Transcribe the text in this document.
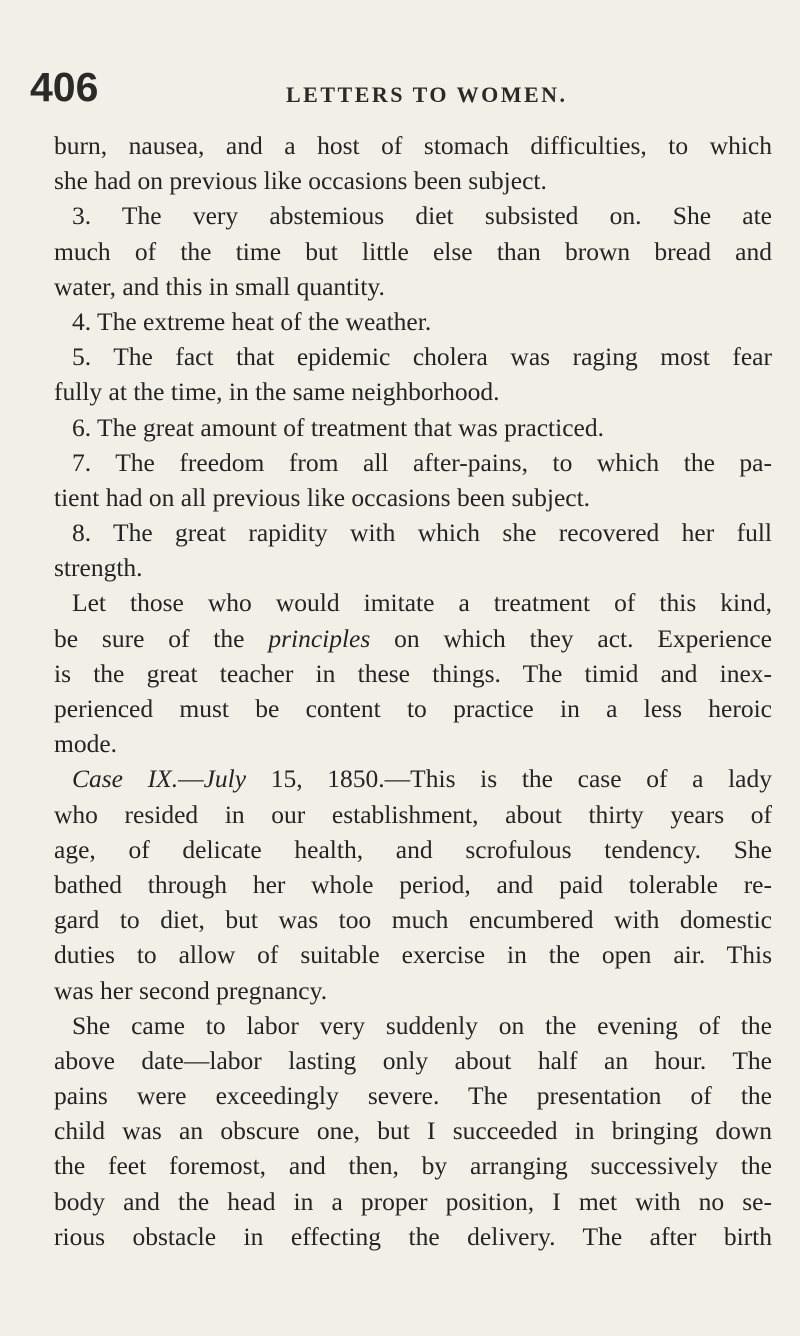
406	LETTERS TO WOMEN.
burn, nausea, and a host of stomach difficulties, to which
she had on previous like occasions been subject.
3. The very abstemious diet subsisted on. She ate
much of the time but little else than brown bread and
water, and this in small quantity.
4. The extreme heat of the weather.
5. The fact that epidemic cholera was raging most fear
fully at the time, in the same neighborhood.
6. The great amount of treatment that was practiced.
7. The freedom from all after-pains, to which the pa-
tient had on all previous like occasions been subject.
8. The great rapidity with which she recovered her full
strength.
Let those who would imitate a treatment of this kind,
be sure of the principles on which they act. Experience
is the great teacher in these things. The timid and inex-
perienced must be content to practice in a less heroic
mode.
Case IX.—July 15, 1850.—This is the case of a lady
who resided in our establishment, about thirty years of
age, of delicate health, and scrofulous tendency. She
bathed through her whole period, and paid tolerable re-
gard to diet, but was too much encumbered with domestic
duties to allow of suitable exercise in the open air. This
was her second pregnancy.
She came to labor very suddenly on the evening of the
above date—labor lasting only about half an hour. The
pains were exceedingly severe. The presentation of the
child was an obscure one, but I succeeded in bringing down
the feet foremost, and then, by arranging successively the
body and the head in a proper position, I met with no se-
rious obstacle in effecting the delivery. The after birth
